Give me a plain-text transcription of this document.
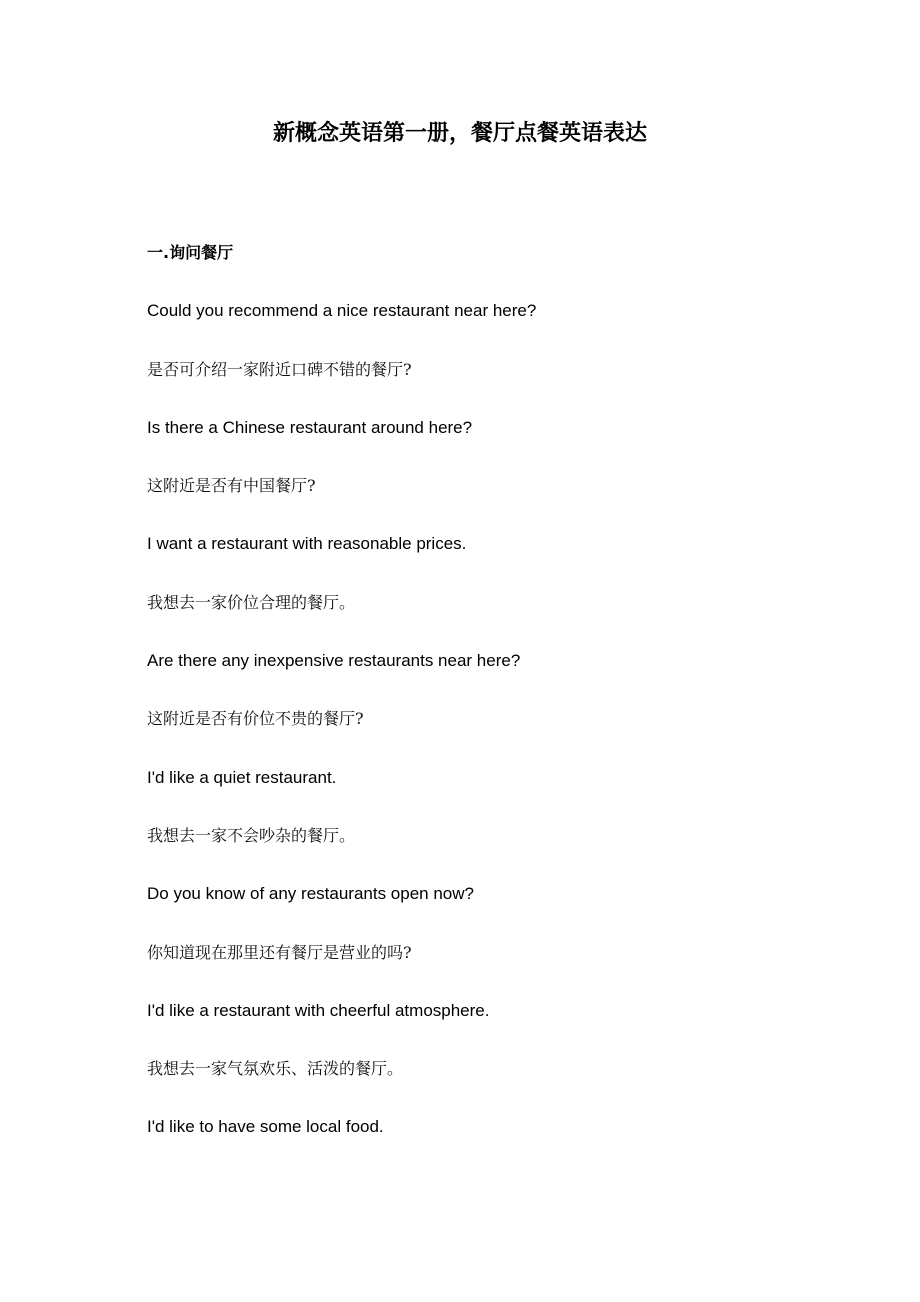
新概念英语第一册，餐厅点餐英语表达
一.询问餐厅
Could you recommend a nice restaurant near here?
是否可介绍一家附近口碑不错的餐厅?
Is there a Chinese restaurant around here?
这附近是否有中国餐厅?
I want a restaurant with reasonable prices.
我想去一家价位合理的餐厅。
Are there any inexpensive restaurants near here?
这附近是否有价位不贵的餐厅?
I'd like a quiet restaurant.
我想去一家不会吵杂的餐厅。
Do you know of any restaurants open now?
你知道现在那里还有餐厅是营业的吗?
I'd like a restaurant with cheerful atmosphere.
我想去一家气氛欢乐、活泼的餐厅。
I'd like to have some local food.
